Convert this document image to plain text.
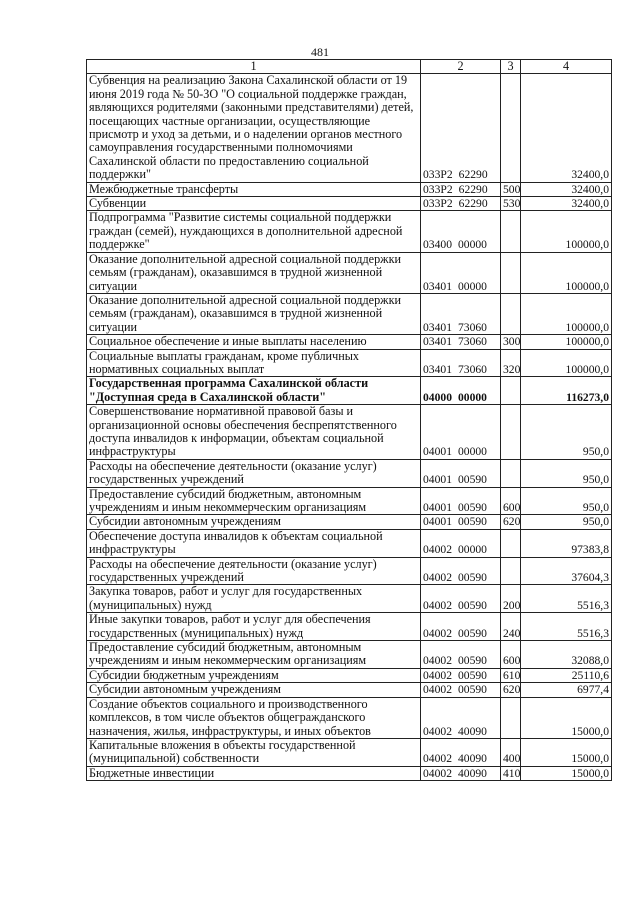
481
1	2	3	4
Субвенция на реализацию Закона Сахалинской области от 19 июня 2019 года № 50-ЗО "О социальной поддержке граждан, являющихся родителями (законными представителями) детей, посещающих частные организации, осуществляющие присмотр и уход за детьми, и о наделении органов местного самоуправления государственными полномочиями Сахалинской области по предоставлению социальной поддержки"	033P2 62290		32400,0
Межбюджетные трансферты	033P2 62290	500	32400,0
Субвенции	033P2 62290	530	32400,0
Подпрограмма "Развитие системы социальной поддержки граждан (семей), нуждающихся в дополнительной адресной поддержке"	03400 00000		100000,0
Оказание дополнительной адресной социальной поддержки семьям (гражданам), оказавшимся в трудной жизненной ситуации	03401 00000		100000,0
Оказание дополнительной адресной социальной поддержки семьям (гражданам), оказавшимся в трудной жизненной ситуации	03401 73060		100000,0
Социальное обеспечение и иные выплаты населению	03401 73060	300	100000,0
Социальные выплаты гражданам, кроме публичных нормативных социальных выплат	03401 73060	320	100000,0
Государственная программа Сахалинской области "Доступная среда в Сахалинской области"	04000 00000		116273,0
Совершенствование нормативной правовой базы и организационной основы обеспечения беспрепятственного доступа инвалидов к информации, объектам социальной инфраструктуры	04001 00000		950,0
Расходы на обеспечение деятельности (оказание услуг) государственных учреждений	04001 00590		950,0
Предоставление субсидий бюджетным, автономным учреждениям и иным некоммерческим организациям	04001 00590	600	950,0
Субсидии автономным учреждениям	04001 00590	620	950,0
Обеспечение доступа инвалидов к объектам социальной инфраструктуры	04002 00000		97383,8
Расходы на обеспечение деятельности (оказание услуг) государственных учреждений	04002 00590		37604,3
Закупка товаров, работ и услуг для государственных (муниципальных) нужд	04002 00590	200	5516,3
Иные закупки товаров, работ и услуг для обеспечения государственных (муниципальных) нужд	04002 00590	240	5516,3
Предоставление субсидий бюджетным, автономным учреждениям и иным некоммерческим организациям	04002 00590	600	32088,0
Субсидии бюджетным учреждениям	04002 00590	610	25110,6
Субсидии автономным учреждениям	04002 00590	620	6977,4
Создание объектов социального и производственного комплексов, в том числе объектов общегражданского назначения, жилья, инфраструктуры, и иных объектов	04002 40090		15000,0
Капитальные вложения в объекты государственной (муниципальной) собственности	04002 40090	400	15000,0
Бюджетные инвестиции	04002 40090	410	15000,0
